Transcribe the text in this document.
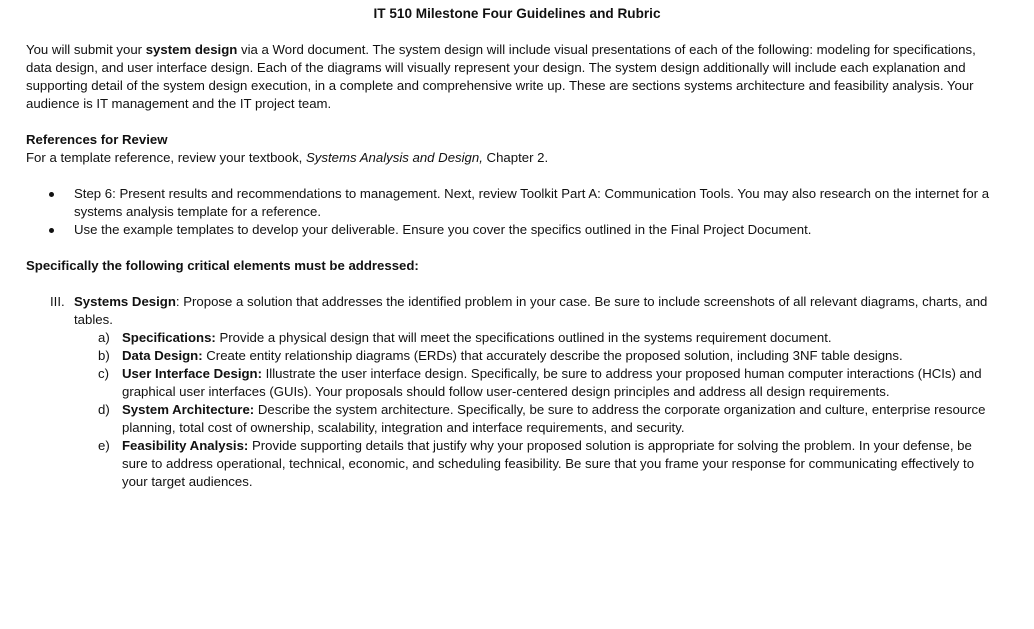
IT 510 Milestone Four Guidelines and Rubric

You will submit your system design via a Word document. The system design will include visual presentations of each of the following: modeling for specifications, data design, and user interface design. Each of the diagrams will visually represent your design. The system design additionally will include each explanation and supporting detail of the system design execution, in a complete and comprehensive write up. These are sections systems architecture and feasibility analysis. Your audience is IT management and the IT project team.

References for Review

For a template reference, review your textbook, Systems Analysis and Design, Chapter 2.

Step 6: Present results and recommendations to management. Next, review Toolkit Part A: Communication Tools. You may also research on the internet for a systems analysis template for a reference.
Use the example templates to develop your deliverable. Ensure you cover the specifics outlined in the Final Project Document.

Specifically the following critical elements must be addressed:

III. Systems Design: Propose a solution that addresses the identified problem in your case. Be sure to include screenshots of all relevant diagrams, charts, and tables.
a) Specifications: Provide a physical design that will meet the specifications outlined in the systems requirement document.
b) Data Design: Create entity relationship diagrams (ERDs) that accurately describe the proposed solution, including 3NF table designs.
c) User Interface Design: Illustrate the user interface design. Specifically, be sure to address your proposed human computer interactions (HCIs) and graphical user interfaces (GUIs). Your proposals should follow user-centered design principles and address all design requirements.
d) System Architecture: Describe the system architecture. Specifically, be sure to address the corporate organization and culture, enterprise resource planning, total cost of ownership, scalability, integration and interface requirements, and security.
e) Feasibility Analysis: Provide supporting details that justify why your proposed solution is appropriate for solving the problem. In your defense, be sure to address operational, technical, economic, and scheduling feasibility. Be sure that you frame your response for communicating effectively to your target audiences.
